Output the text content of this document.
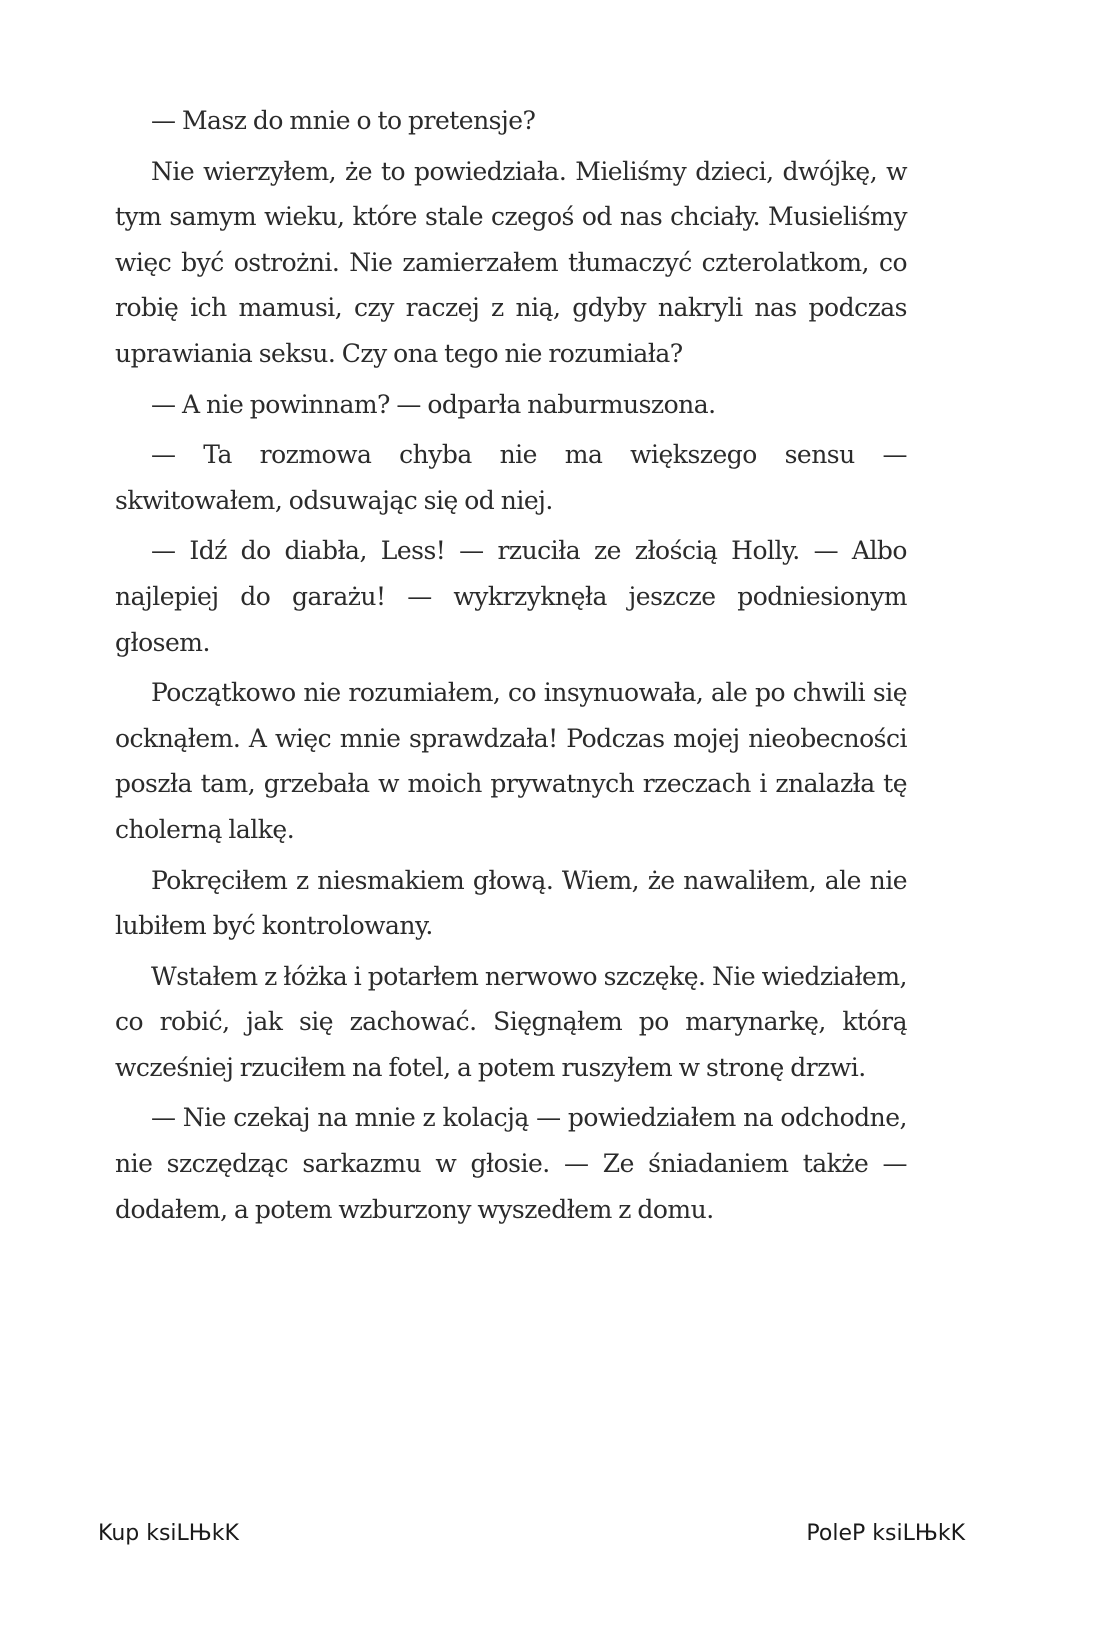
— Masz do mnie o to pretensje?

Nie wierzyłem, że to powiedziała. Mieliśmy dzieci, dwójkę, w tym samym wieku, które stale czegoś od nas chciały. Musieliśmy więc być ostrożni. Nie zamierzałem tłumaczyć czterolatkom, co robię ich mamusi, czy raczej z nią, gdyby nakryli nas podczas uprawiania seksu. Czy ona tego nie rozumiała?

— A nie powinnam? — odparła naburmuszona.

— Ta rozmowa chyba nie ma większego sensu — skwitowałem, odsuwając się od niej.

— Idź do diabła, Less! — rzuciła ze złością Holly. — Albo najlepiej do garażu! — wykrzyknęła jeszcze podniesionym głosem.

Początkowo nie rozumiałem, co insynuowała, ale po chwili się ocknąłem. A więc mnie sprawdzała! Podczas mojej nieobecności poszła tam, grzebała w moich prywatnych rzeczach i znalazła tę cholerną lalkę.

Pokręciłem z niesmakiem głową. Wiem, że nawaliłem, ale nie lubiłem być kontrolowany.

Wstałem z łóżka i potarłem nerwowo szczękę. Nie wiedziałem, co robić, jak się zachować. Sięgnąłem po marynarkę, którą wcześniej rzuciłem na fotel, a potem ruszyłem w stronę drzwi.

— Nie czekaj na mnie z kolacją — powiedziałem na odchodne, nie szczędząc sarkazmu w głosie. — Ze śniadaniem także — dodałem, a potem wzburzony wyszedłem z domu.

Kup ksiLЊkK	PoleP ksiLЊkK
